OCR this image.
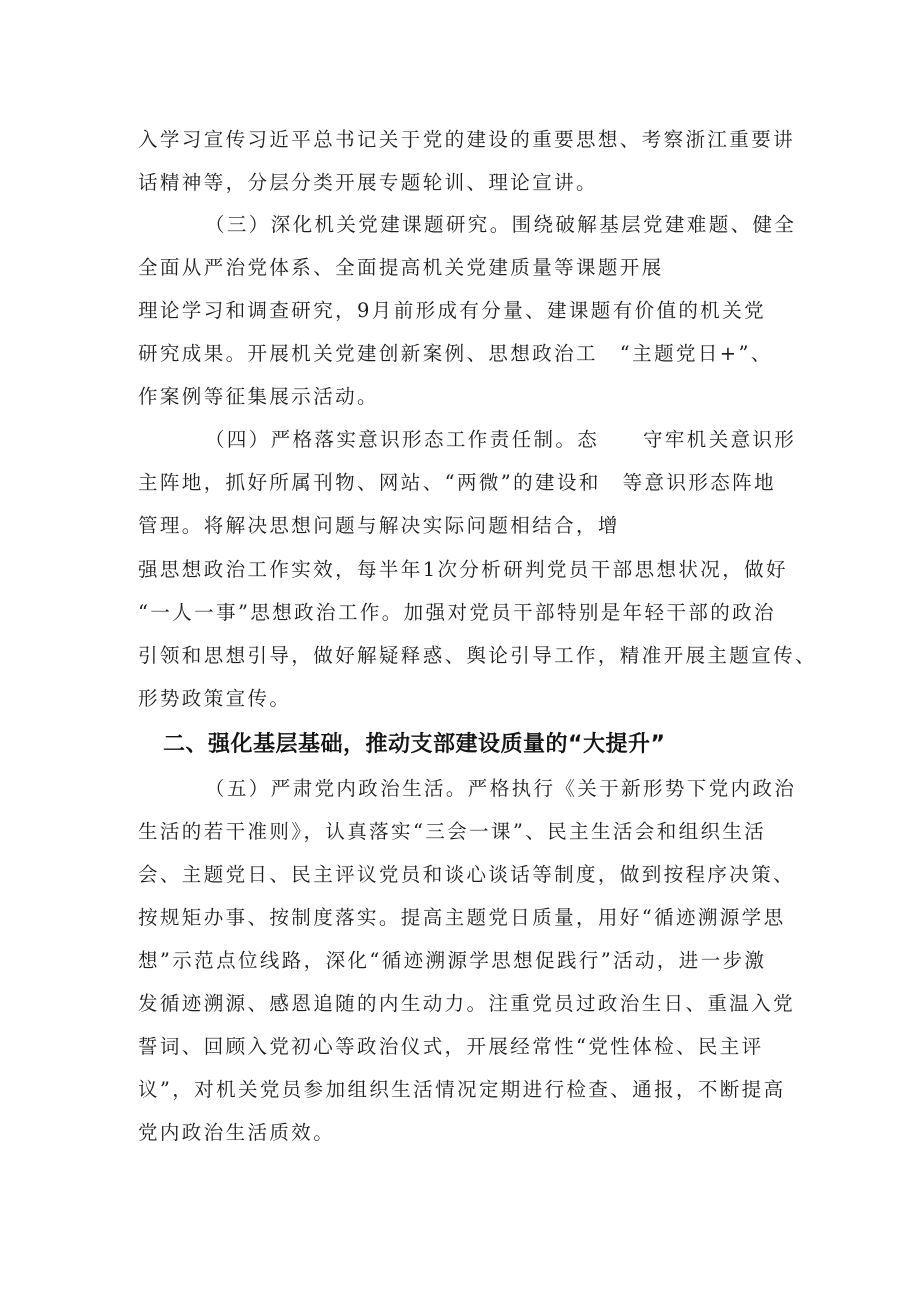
入学习宣传习近平总书记关于党的建设的重要思想、考察浙江重要讲
话精神等，分层分类开展专题轮训、理论宣讲。
（三）深化机关党建课题研究。围绕破解基层党建难题、健全
全面从严治党体系、全面提高机关党建质量等课题开展
理论学习和调查研究，9月前形成有分量、建课题有价值的机关党
研究成果。开展机关党建创新案例、思想政治工　“主题党日+”、
作案例等征集展示活动。
（四）严格落实意识形态工作责任制。态　　守牢机关意识形
主阵地，抓好所属刊物、网站、“两微”的建设和　等意识形态阵地
管理。将解决思想问题与解决实际问题相结合，增
强思想政治工作实效，每半年1次分析研判党员干部思想状况，做好
“一人一事”思想政治工作。加强对党员干部特别是年轻干部的政治
引领和思想引导，做好解疑释惑、舆论引导工作，精准开展主题宣传、
形势政策宣传。
二、强化基层基础，推动支部建设质量的“大提升”
（五）严肃党内政治生活。严格执行《关于新形势下党内政治
生活的若干准则》，认真落实“三会一课”、民主生活会和组织生活
会、主题党日、民主评议党员和谈心谈话等制度，做到按程序决策、
按规矩办事、按制度落实。提高主题党日质量，用好“循迹溯源学思
想”示范点位线路，深化“循迹溯源学思想促践行”活动，进一步激
发循迹溯源、感恩追随的内生动力。注重党员过政治生日、重温入党
誓词、回顾入党初心等政治仪式，开展经常性“党性体检、民主评
议”，对机关党员参加组织生活情况定期进行检查、通报，不断提高
党内政治生活质效。
